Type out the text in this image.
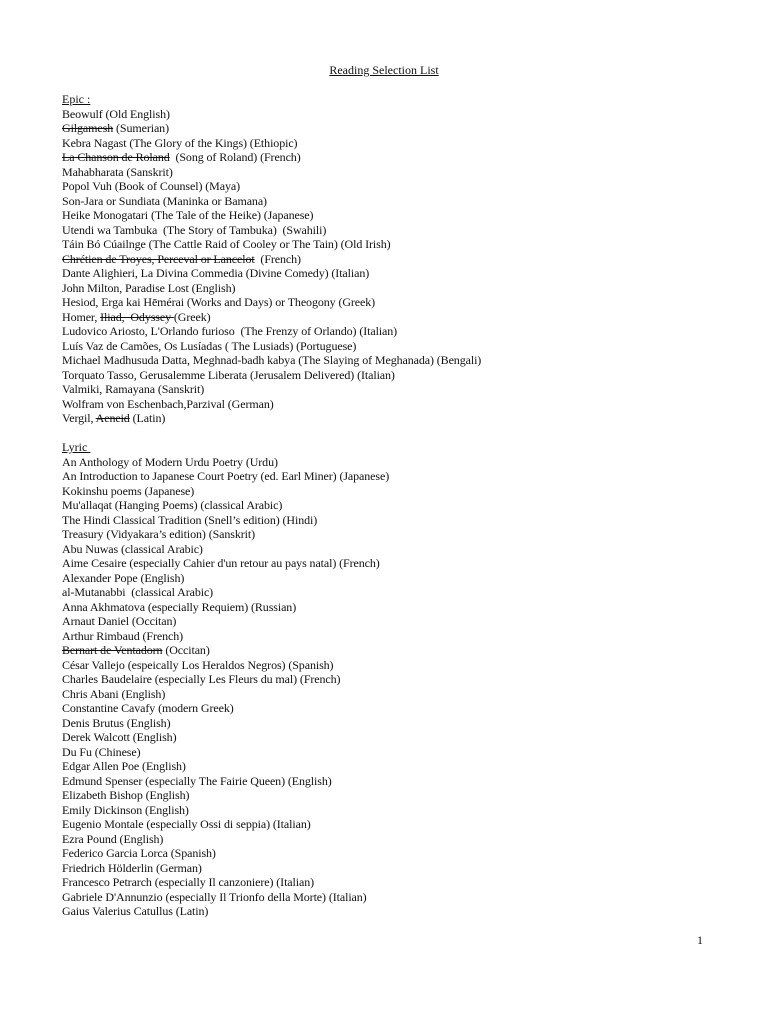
Reading Selection List
Epic :
Beowulf (Old English)
Gilgamesh (Sumerian)
Kebra Nagast (The Glory of the Kings) (Ethiopic)
La Chanson de Roland  (Song of Roland) (French)
Mahabharata (Sanskrit)
Popol Vuh (Book of Counsel) (Maya)
Son-Jara or Sundiata (Maninka or Bamana)
Heike Monogatari (The Tale of the Heike) (Japanese)
Utendi wa Tambuka  (The Story of Tambuka)  (Swahili)
Táin Bó Cúailnge (The Cattle Raid of Cooley or The Tain) (Old Irish)
Chrétien de Troyes, Perceval or Lancelot  (French)
Dante Alighieri, La Divina Commedia (Divine Comedy) (Italian)
John Milton, Paradise Lost (English)
Hesiod, Erga kai Hēmérai (Works and Days) or Theogony (Greek)
Homer, Iliad,  Odyssey (Greek)
Ludovico Ariosto, L'Orlando furioso  (The Frenzy of Orlando) (Italian)
Luís Vaz de Camões, Os Lusíadas ( The Lusiads) (Portuguese)
Michael Madhusuda Datta, Meghnad-badh kabya (The Slaying of Meghanada) (Bengali)
Torquato Tasso, Gerusalemme Liberata (Jerusalem Delivered) (Italian)
Valmiki, Ramayana (Sanskrit)
Wolfram von Eschenbach,Parzival (German)
Vergil, Aeneid (Latin)
Lyric
An Anthology of Modern Urdu Poetry (Urdu)
An Introduction to Japanese Court Poetry (ed. Earl Miner) (Japanese)
Kokinshu poems (Japanese)
Mu'allaqat (Hanging Poems) (classical Arabic)
The Hindi Classical Tradition (Snell’s edition) (Hindi)
Treasury (Vidyakara’s edition) (Sanskrit)
Abu Nuwas (classical Arabic)
Aime Cesaire (especially Cahier d'un retour au pays natal) (French)
Alexander Pope (English)
al-Mutanabbi  (classical Arabic)
Anna Akhmatova (especially Requiem) (Russian)
Arnaut Daniel (Occitan)
Arthur Rimbaud (French)
Bernart de Ventadorn (Occitan)
César Vallejo (espeically Los Heraldos Negros) (Spanish)
Charles Baudelaire (especially Les Fleurs du mal) (French)
Chris Abani (English)
Constantine Cavafy (modern Greek)
Denis Brutus (English)
Derek Walcott (English)
Du Fu (Chinese)
Edgar Allen Poe (English)
Edmund Spenser (especially The Fairie Queen) (English)
Elizabeth Bishop (English)
Emily Dickinson (English)
Eugenio Montale (especially Ossi di seppia) (Italian)
Ezra Pound (English)
Federico Garcia Lorca (Spanish)
Friedrich Hölderlin (German)
Francesco Petrarch (especially Il canzoniere) (Italian)
Gabriele D'Annunzio (especially Il Trionfo della Morte) (Italian)
Gaius Valerius Catullus (Latin)
1
